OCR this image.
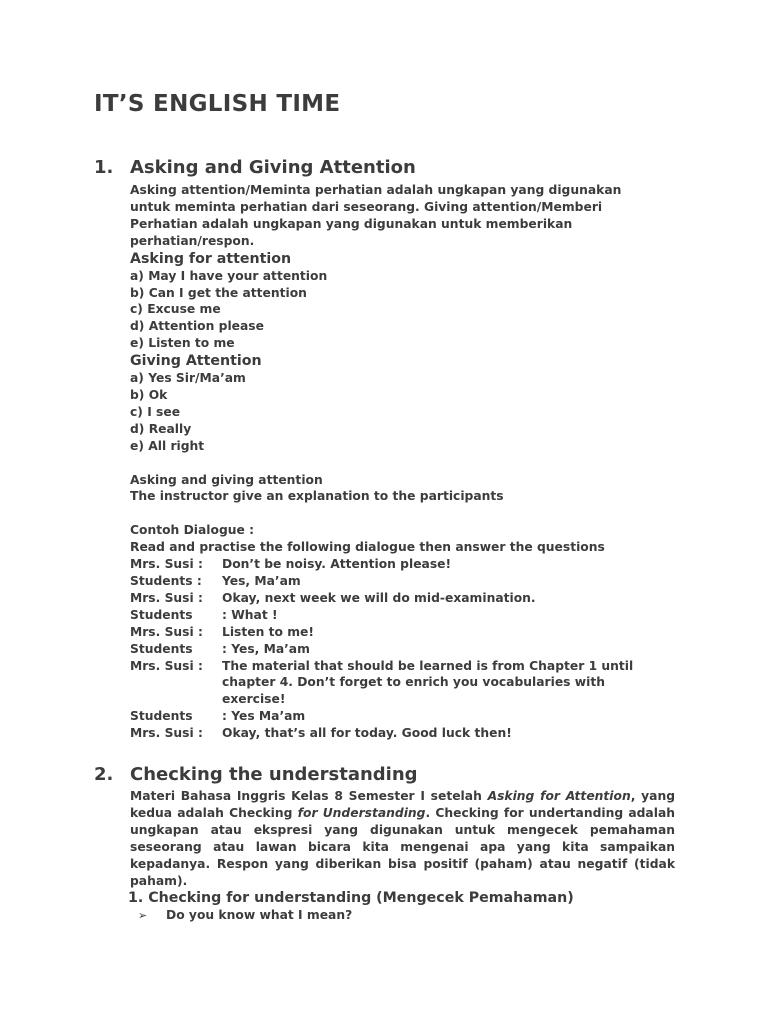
IT’S ENGLISH TIME
1. Asking and Giving Attention
Asking attention/Meminta perhatian adalah ungkapan yang digunakan
untuk meminta perhatian dari seseorang. Giving attention/Memberi
Perhatian adalah ungkapan yang digunakan untuk memberikan
perhatian/respon.
Asking for attention
a) May I have your attention
b) Can I get the attention
c) Excuse me
d) Attention please
e) Listen to me
Giving Attention
a) Yes Sir/Ma’am
b) Ok
c) I see
d) Really
e) All right
Asking and giving attention
The instructor give an explanation to the participants
Contoh Dialogue :
Read and practise the following dialogue then answer the questions
Mrs. Susi :	Don’t be noisy. Attention please!
Students :	Yes, Ma’am
Mrs. Susi :	Okay, next week we will do mid-examination.
Students	: What !
Mrs. Susi :	Listen to me!
Students	: Yes, Ma’am
Mrs. Susi :	The material that should be learned is from Chapter 1 until chapter 4. Don’t forget to enrich you vocabularies with exercise!
Students	: Yes Ma’am
Mrs. Susi :	Okay, that’s all for today. Good luck then!
2. Checking the understanding
Materi Bahasa Inggris Kelas 8 Semester I setelah Asking for Attention, yang kedua adalah Checking for Understanding. Checking for undertanding adalah ungkapan atau ekspresi yang digunakan untuk mengecek pemahaman seseorang atau lawan bicara kita mengenai apa yang kita sampaikan kepadanya. Respon yang diberikan bisa positif (paham) atau negatif (tidak paham).
1. Checking for understanding (Mengecek Pemahaman)
➢ Do you know what I mean?
